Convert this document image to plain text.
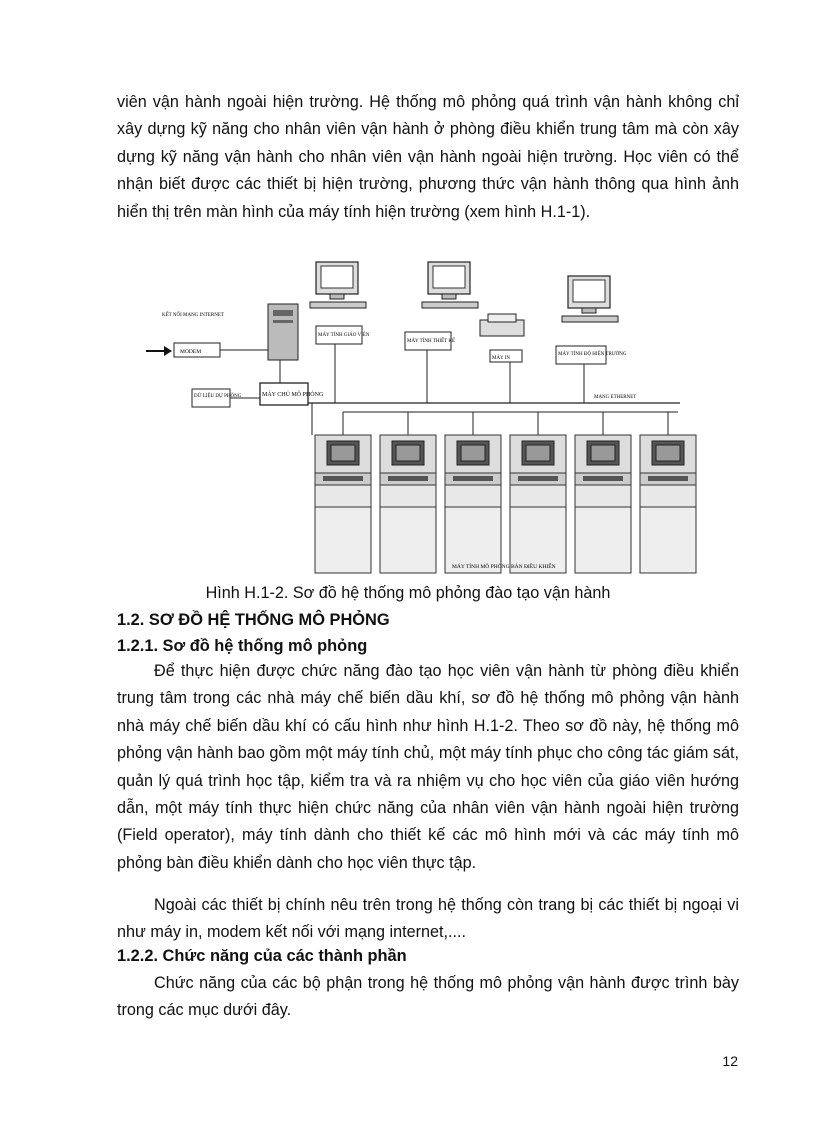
viên vận hành ngoài hiện trường. Hệ thống mô phỏng quá trình vận hành không chỉ xây dựng kỹ năng cho nhân viên vận hành ở phòng điều khiển trung tâm mà còn xây dựng kỹ năng vận hành cho nhân viên vận hành ngoài hiện trường. Học viên có thể nhận biết được các thiết bị hiện trường, phương thức vận hành thông qua hình ảnh hiển thị trên màn hình của máy tính hiện trường (xem hình H.1-1).

KẾT NỐI MẠNG INTERNET
MODEM
DỮ LIỆU DỰ PHÒNG	MÁY CHỦ MÔ PHỎNG
MÁY TÍNH GIÁO VIÊN
MÁY TÍNH THIẾT KẾ
MÁY IN
MÁY TÍNH ĐỘ HIỆN TRƯỜNG
MẠNG ETHERNET
MÁY TÍNH MÔ PHỎNG BÀN ĐIỀU KHIỂN

Hình H.1-2. Sơ đồ hệ thống mô phỏng đào tạo vận hành

1.2. SƠ ĐỒ HỆ THỐNG MÔ PHỎNG

1.2.1. Sơ đồ hệ thống mô phỏng

Để thực hiện được chức năng đào tạo học viên vận hành từ phòng điều khiển trung tâm trong các nhà máy chế biến dầu khí, sơ đồ hệ thống mô phỏng vận hành nhà máy chế biến dầu khí có cấu hình như hình H.1-2. Theo sơ đồ này, hệ thống mô phỏng vận hành bao gồm một máy tính chủ, một máy tính phục cho công tác giám sát, quản lý quá trình học tập, kiểm tra và ra nhiệm vụ cho học viên của giáo viên hướng dẫn, một máy tính thực hiện chức năng của nhân viên vận hành ngoài hiện trường (Field operator), máy tính dành cho thiết kế các mô hình mới và các máy tính mô phỏng bàn điều khiển dành cho học viên thực tập.

Ngoài các thiết bị chính nêu trên trong hệ thống còn trang bị các thiết bị ngoại vi như máy in, modem kết nối với mạng internet,....

1.2.2. Chức năng của các thành phần

Chức năng của các bộ phận trong hệ thống mô phỏng vận hành được trình bày trong các mục dưới đây.

12
